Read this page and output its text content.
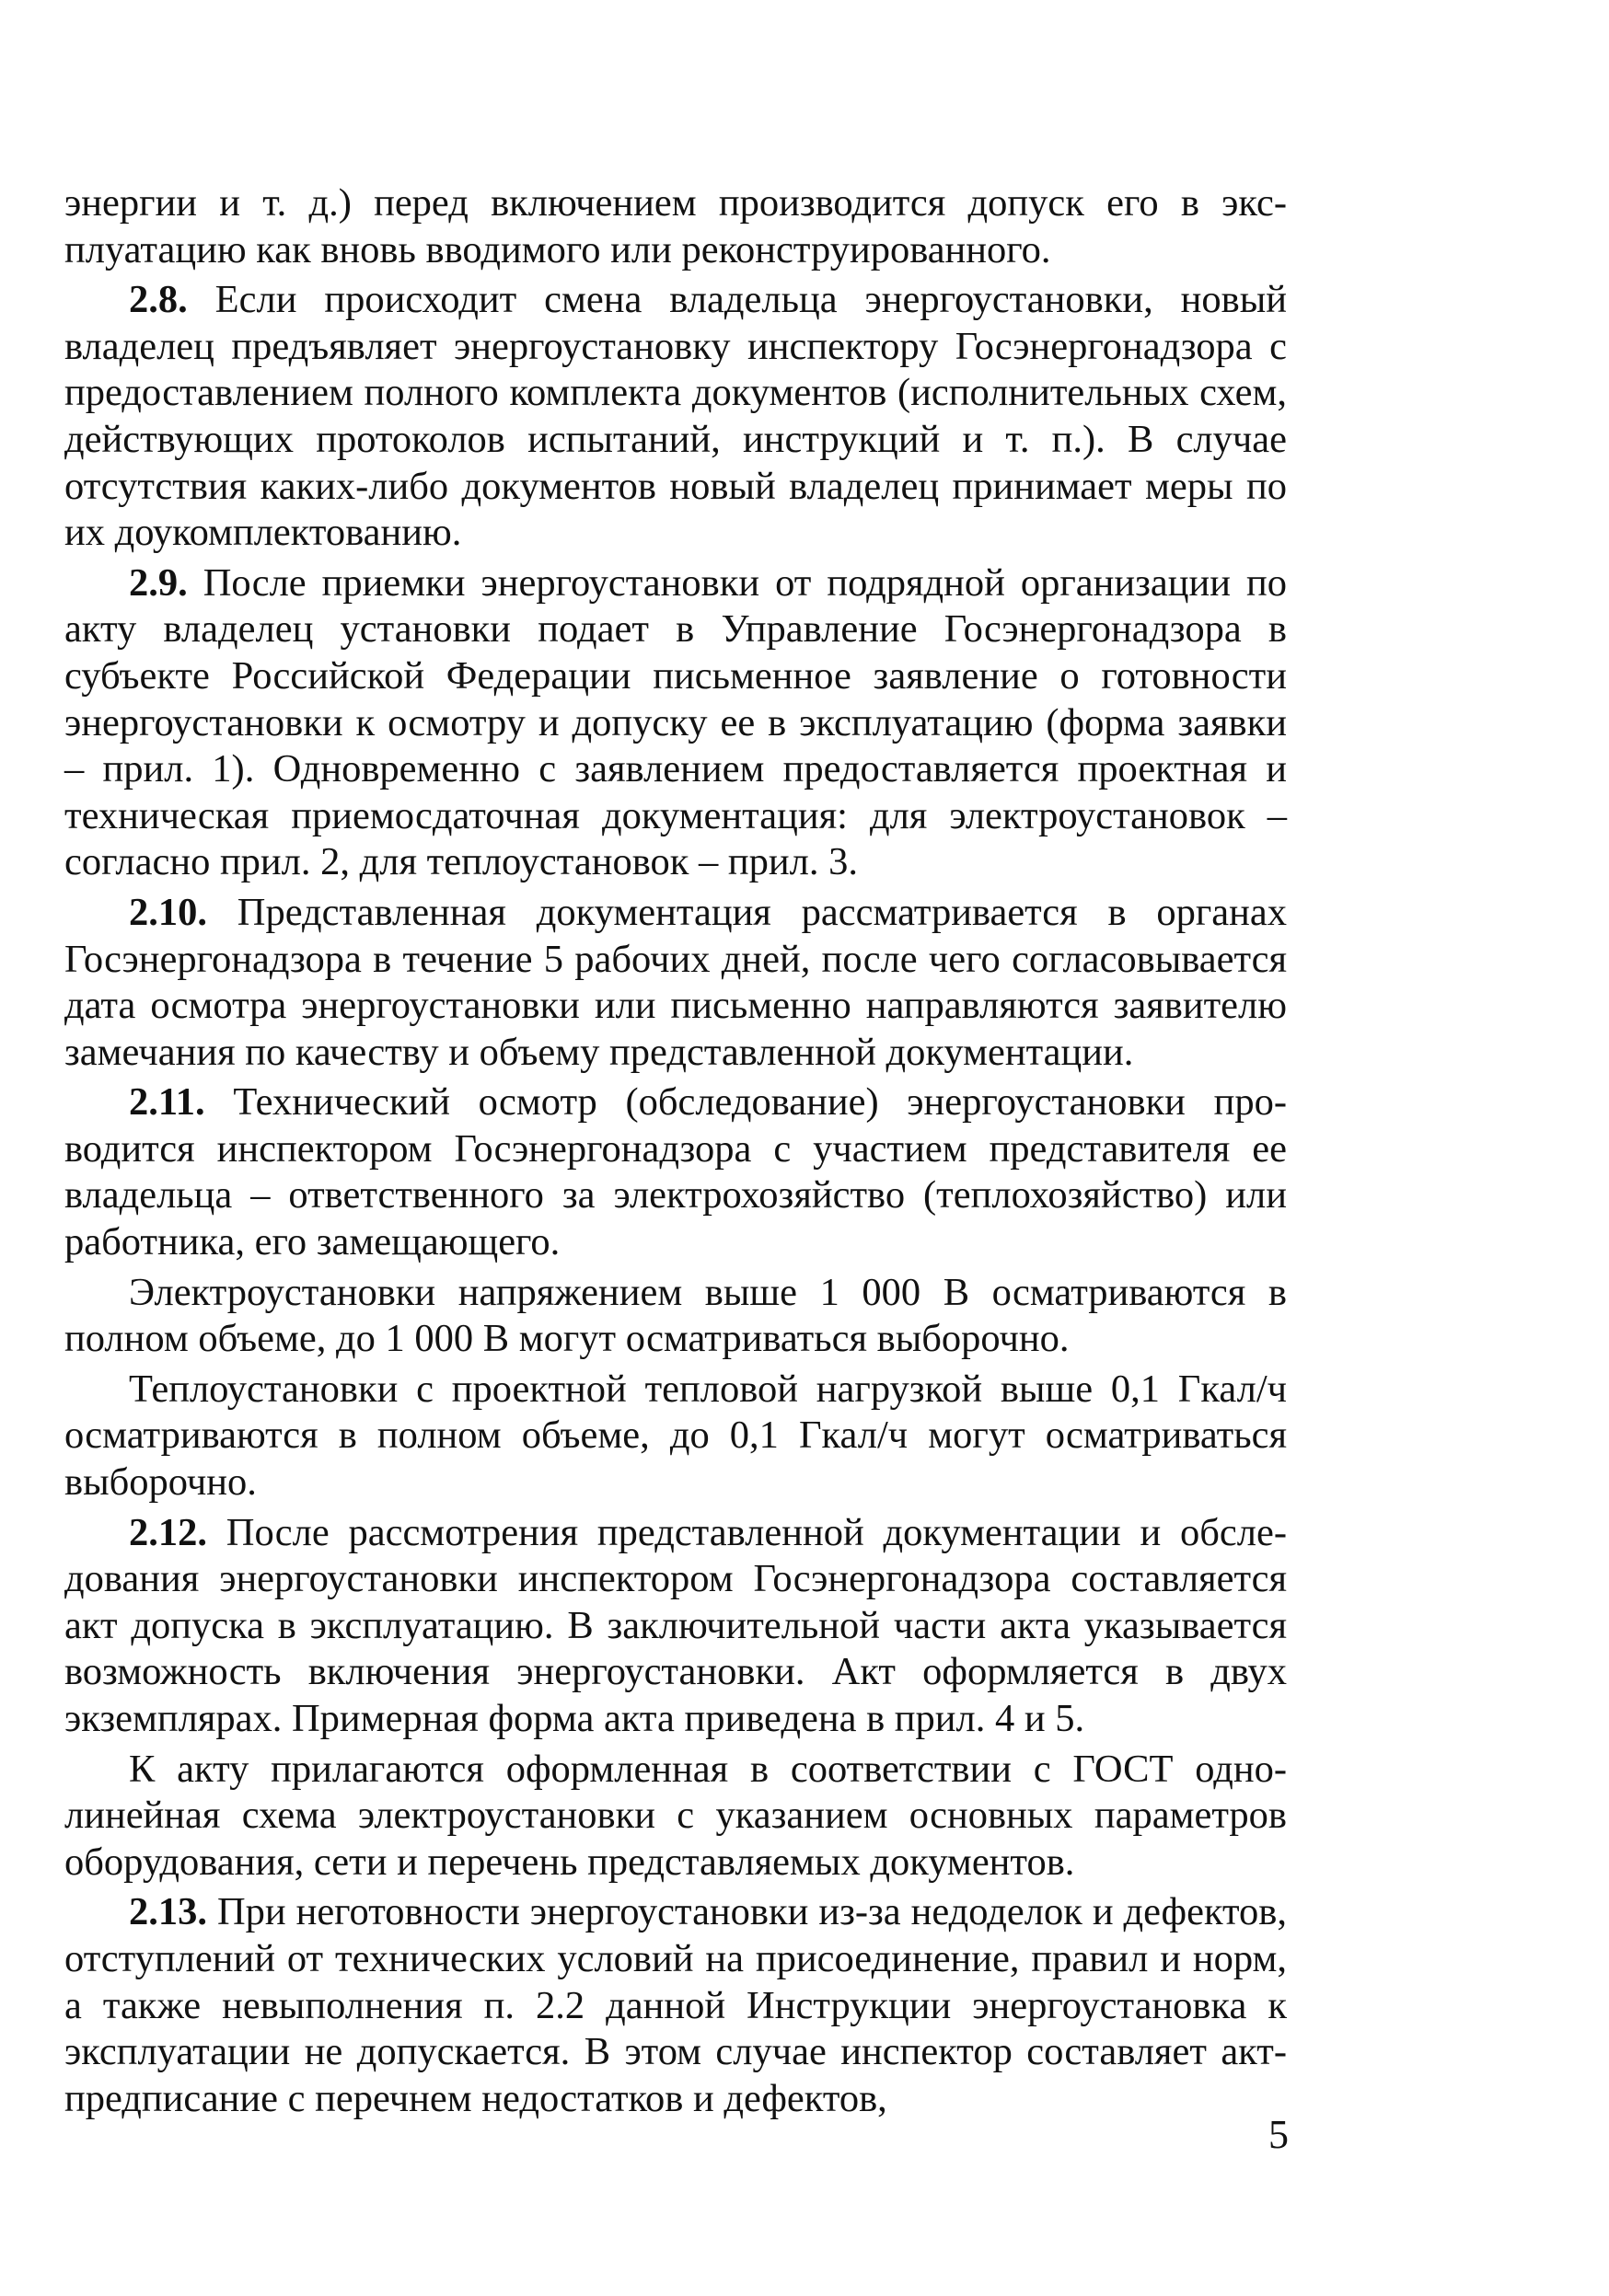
энергии и т. д.) перед включением производится допуск его в эксплуатацию как вновь вводимого или реконструированного.

2.8. Если происходит смена владельца энергоустановки, новый владелец предъявляет энергоустановку инспектору Госэнергонадзора с предоставлением полного комплекта документов (исполнительных схем, действующих протоколов испытаний, инструкций и т. п.). В случае отсутствия каких-либо документов новый владелец принимает меры по их доукомплектованию.

2.9. После приемки энергоустановки от подрядной организации по акту владелец установки подает в Управление Госэнергонадзора в субъекте Российской Федерации письменное заявление о готовности энергоустановки к осмотру и допуску ее в эксплуатацию (форма заявки – прил. 1). Одновременно с заявлением предоставляется проектная и техническая приемосдаточная документация: для электроустановок – согласно прил. 2, для теплоустановок – прил. 3.

2.10. Представленная документация рассматривается в органах Госэнергонадзора в течение 5 рабочих дней, после чего согласовывается дата осмотра энергоустановки или письменно направляются заявителю замечания по качеству и объему представленной документации.

2.11. Технический осмотр (обследование) энергоустановки проводится инспектором Госэнергонадзора с участием представителя ее владельца – ответственного за электрохозяйство (теплохозяйство) или работника, его замещающего.

Электроустановки напряжением выше 1 000 В осматриваются в полном объеме, до 1 000 В могут осматриваться выборочно.

Теплоустановки с проектной тепловой нагрузкой выше 0,1 Гкал/ч осматриваются в полном объеме, до 0,1 Гкал/ч могут осматриваться выборочно.

2.12. После рассмотрения представленной документации и обследования энергоустановки инспектором Госэнергонадзора составляется акт допуска в эксплуатацию. В заключительной части акта указывается возможность включения энергоустановки. Акт оформляется в двух экземплярах. Примерная форма акта приведена в прил. 4 и 5.

К акту прилагаются оформленная в соответствии с ГОСТ однолинейная схема электроустановки с указанием основных параметров оборудования, сети и перечень представляемых документов.

2.13. При неготовности энергоустановки из-за недоделок и дефектов, отступлений от технических условий на присоединение, правил и норм, а также невыполнения п. 2.2 данной Инструкции энергоустановка к эксплуатации не допускается. В этом случае инспектор составляет акт-предписание с перечнем недостатков и дефектов,

5
